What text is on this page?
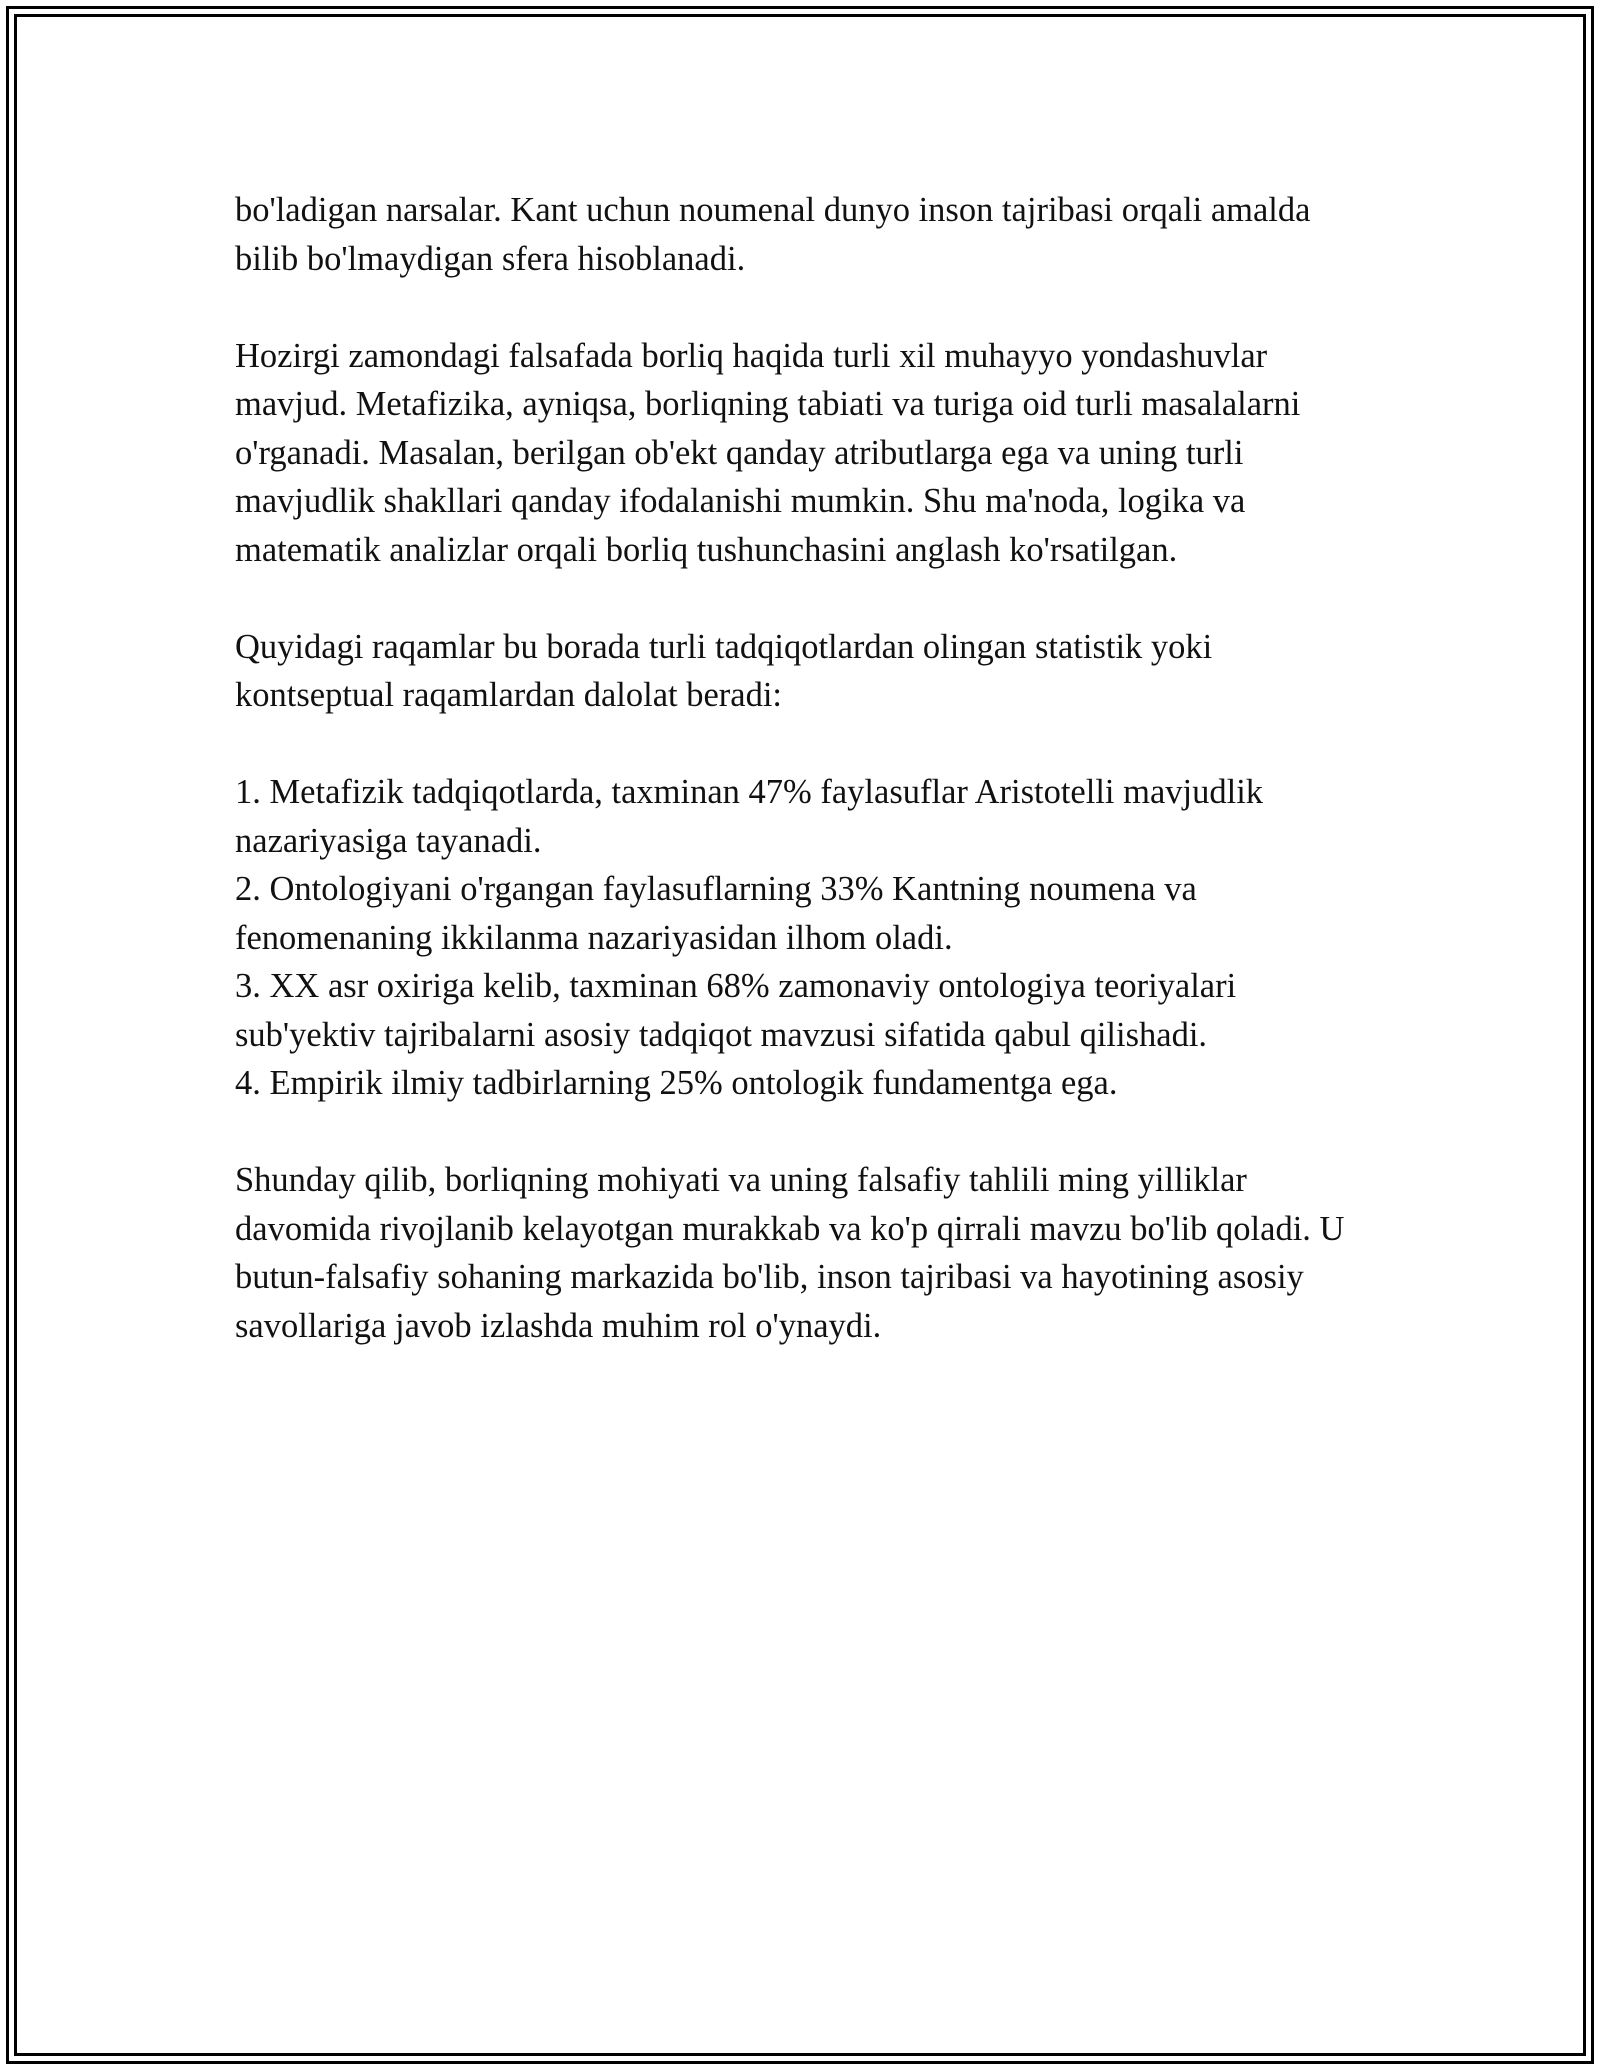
bo'ladigan narsalar. Kant uchun noumenal dunyo inson tajribasi orqali amalda bilib bo'lmaydigan sfera hisoblanadi.

Hozirgi zamondagi falsafada borliq haqida turli xil muhayyo yondashuvlar mavjud. Metafizika, ayniqsa, borliqning tabiati va turiga oid turli masalalarni o'rganadi. Masalan, berilgan ob'ekt qanday atributlarga ega va uning turli mavjudlik shakllari qanday ifodalanishi mumkin. Shu ma'noda, logika va matematik analizlar orqali borliq tushunchasini anglash ko'rsatilgan.

Quyidagi raqamlar bu borada turli tadqiqotlardan olingan statistik yoki kontseptual raqamlardan dalolat beradi:

1. Metafizik tadqiqotlarda, taxminan 47% faylasuflar Aristotelli mavjudlik nazariyasiga tayanadi.
2. Ontologiyani o'rgangan faylasuflarning 33% Kantning noumena va fenomenaning ikkilanma nazariyasidan ilhom oladi.
3. XX asr oxiriga kelib, taxminan 68% zamonaviy ontologiya teoriyalari sub'yektiv tajribalarni asosiy tadqiqot mavzusi sifatida qabul qilishadi.
4. Empirik ilmiy tadbirlarning 25% ontologik fundamentga ega.

Shunday qilib, borliqning mohiyati va uning falsafiy tahlili ming yilliklar davomida rivojlanib kelayotgan murakkab va ko'p qirrali mavzu bo'lib qoladi. U butun-falsafiy sohaning markazida bo'lib, inson tajribasi va hayotining asosiy savollariga javob izlashda muhim rol o'ynaydi.
